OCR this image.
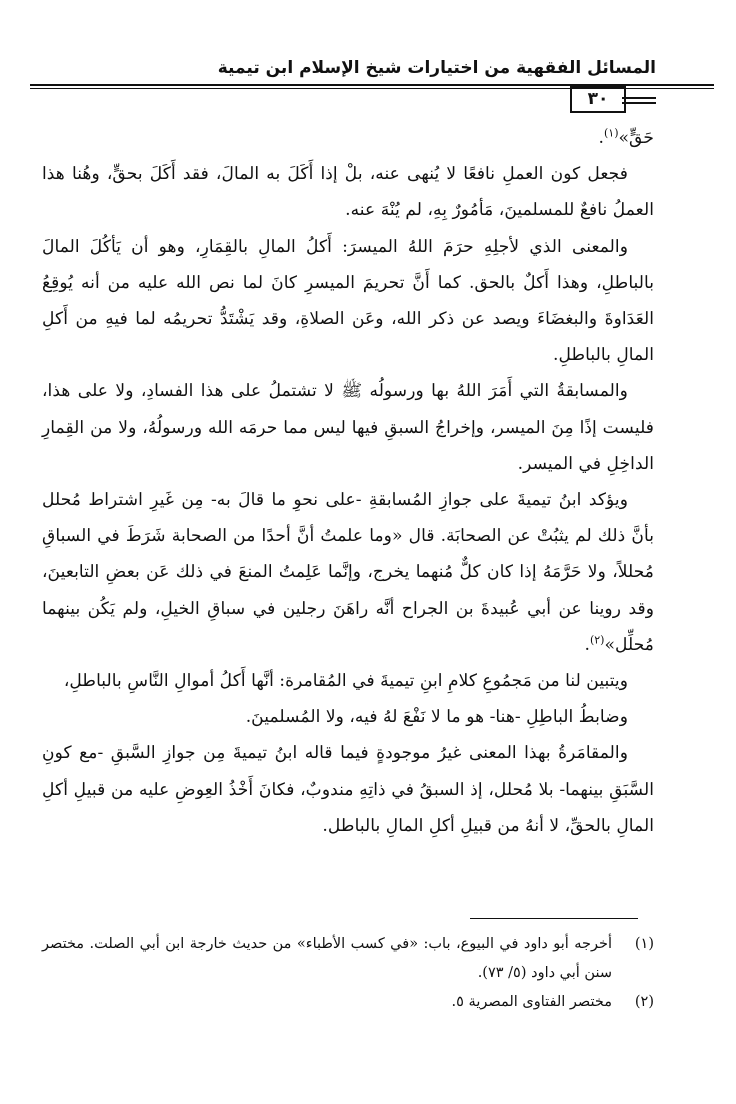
المسائل الفقهية من اختيارات شيخ الإسلام ابن تيمية
٣٠

حَقٍّ»$^{(١)}$.

فجعل كون العملِ نافعًا لا يُنهى عنه، بلْ إذا أَكَلَ به المالَ، فقد أَكَلَ بحقٍّ، وهُنا هذا العملُ نافعٌ للمسلمينَ، مَأمُورٌ بِهِ، لم يُنْهَ عنه.

والمعنى الذي لأجلِهِ حرَمَ اللهُ الميسرَ: أَكلُ المالِ بالقِمَارِ، وهو أن يَأكُلَ المالَ بالباطلِ، وهذا أَكلٌ بالحق. كما أَنَّ تحريمَ الميسرِ كانَ لما نص الله عليه من أنه يُوقِعُ العَدَاوةَ والبغضَاءَ ويصد عن ذكر الله، وعَن الصلاةِ، وقد يَشْتَدُّ تحريمُه لما فيهِ من أَكلِ المالِ بالباطلِ.

والمسابقةُ التي أَمَرَ اللهُ بها ورسولُه ﷺ لا تشتملُ على هذا الفسادِ، ولا على هذا، فليست إذًا مِنَ الميسر، وإخراجُ السبقِ فيها ليس مما حرمَه الله ورسولُهُ، ولا من القِمارِ الداخِلِ في الميسر.

ويؤكد ابنُ تيميةَ على جوازِ المُسابقةِ -على نحوِ ما قالَ به- مِن غَيرِ اشتراط مُحلل بأنَّ ذلك لم يثبُتْ عن الصحابَة. قال «وما علمتُ أنَّ أحدًا من الصحابة شَرَطَ في السباقِ مُحللاً، ولا حَرَّمَهُ إذا كان كلٌّ مُنهما يخرج، وإنَّما عَلِمتُ المنعَ في ذلك عَن بعضِ التابعينَ، وقد روينا عن أبي عُبيدةَ بن الجراح أنَّه راهَنَ رجلين في سباقِ الخيلِ، ولم يَكُن بينهما مُحلِّل»$^{(٢)}$.

ويتبين لنا من مَجمُوعِ كلامِ ابنِ تيميةَ في المُقامرة: أنَّها أَكلُ أموالِ النَّاسِ بالباطلِ،

وضابطُ الباطِلِ -هنا- هو ما لا نَفْعَ لهُ فيه، ولا المُسلمينَ.

والمقامَرةُ بهذا المعنى غيرُ موجودةٍ فيما قاله ابنُ تيميةَ مِن جوازِ السَّبقِ -مع كونِ السَّبَقِ بينهما- بلا مُحلل، إذ السبقُ في ذاتِهِ مندوبٌ، فكانَ أَخْذُ العِوضِ عليه من قبيلِ أكلِ المالِ بالحقِّ، لا أنهُ من قبيلِ أكلِ المالِ بالباطل.

(١)
أخرجه أبو داود في البيوع، باب: «في كسب الأطباء» من حديث خارجة ابن أبي الصلت. مختصر سنن أبي داود (٥/ ٧٣).
(٢)
مختصر الفتاوى المصرية ٥.
